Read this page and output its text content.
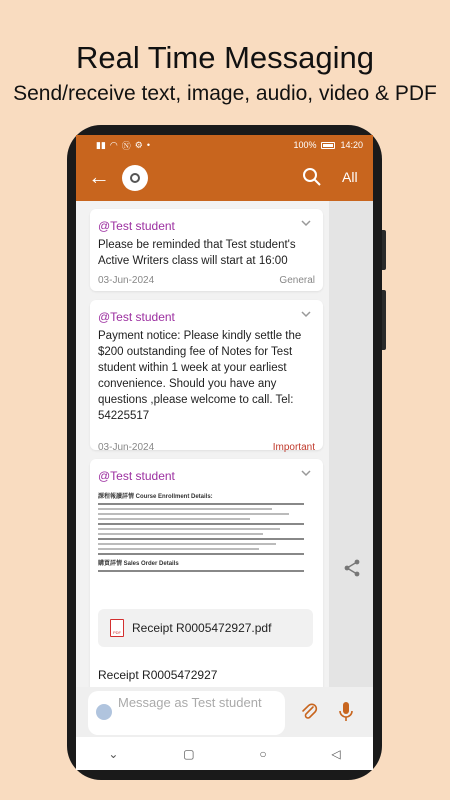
Real Time Messaging
Send/receive text, image, audio, video & PDF
▮▮ ◠ Ⓝ ⚙ •	100%	14:20
←	All
@Test student
Please be reminded that Test student's Active Writers class will start at 16:00
03-Jun-2024	General
@Test student
Payment notice: Please kindly settle the $200 outstanding fee of Notes for Test student within 1 week at your earliest convenience. Should you have any questions ,please welcome to call. Tel: 54225517
03-Jun-2024	Important
@Test student
課程報讀詳情 Course Enrollment Details:
購買詳情 Sales Order Details
PDF
Receipt R0005472927.pdf
Receipt R0005472927
Message as Test student
⌄	▢	○	◁
